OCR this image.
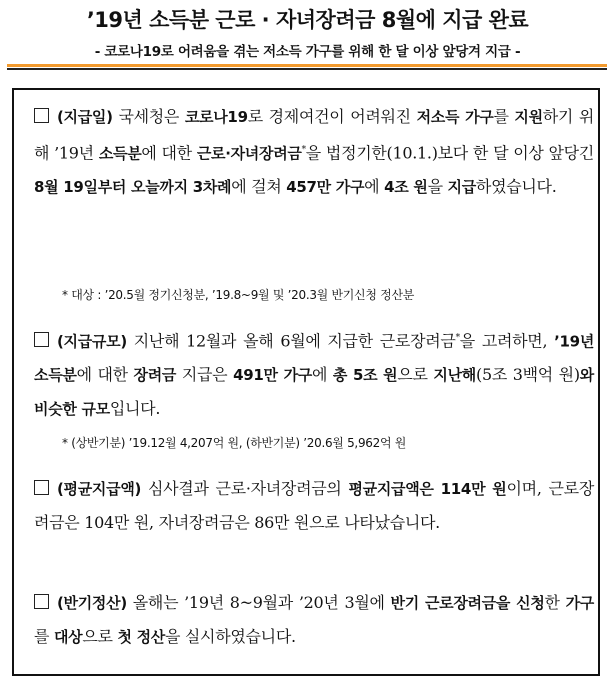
’19년 소득분 근로 · 자녀장려금 8월에 지급 완료
- 코로나19로 어려움을 겪는 저소득 가구를 위해 한 달 이상 앞당겨 지급 -
(지급일) 국세청은 코로나19로 경제여건이 어려워진 저소득 가구를 지원하기 위해 ’19년 소득분에 대한 근로·자녀장려금*을 법정기한(10.1.)보다 한 달 이상 앞당긴 8월 19일부터 오늘까지 3차례에 걸쳐 457만 가구에 4조 원을 지급하였습니다.
* 대상 : ’20.5월 정기신청분, ’19.8~9월 및 ’20.3월 반기신청 정산분
(지급규모) 지난해 12월과 올해 6월에 지급한 근로장려금*을 고려하면, ’19년 소득분에 대한 장려금 지급은 491만 가구에 총 5조 원으로 지난해(5조 3백억 원)와 비슷한 규모입니다.
* (상반기분) ’19.12월 4,207억 원, (하반기분) ’20.6월 5,962억 원
(평균지급액) 심사결과 근로·자녀장려금의 평균지급액은 114만 원이며, 근로장려금은 104만 원, 자녀장려금은 86만 원으로 나타났습니다.
(반기정산) 올해는 ’19년 8~9월과 ’20년 3월에 반기 근로장려금을 신청한 가구를 대상으로 첫 정산을 실시하였습니다.
